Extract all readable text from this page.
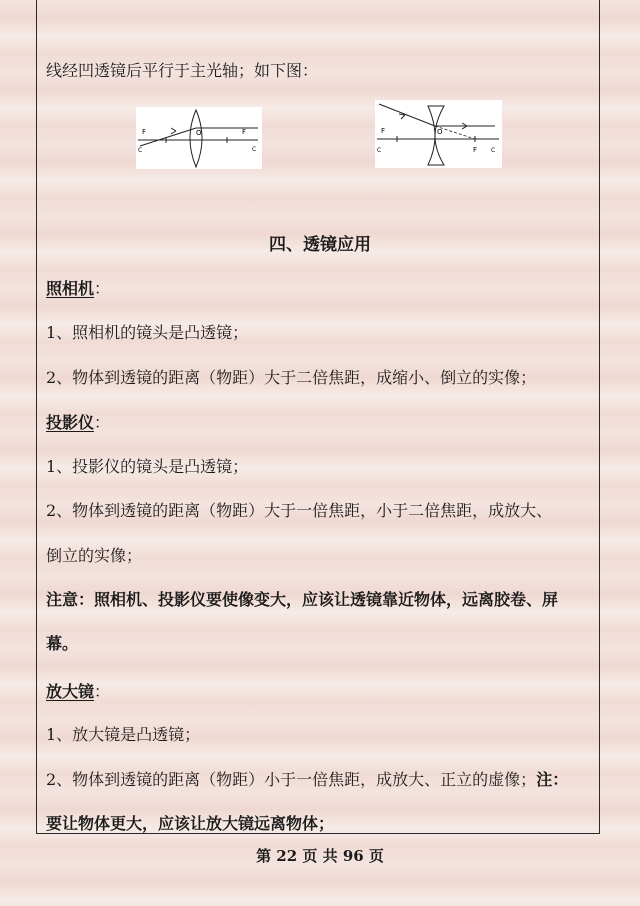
线经凹透镜后平行于主光轴；如下图：
F	O	F
C	C
F	O
F
C	C
四、透镜应用
照相机：
1、照相机的镜头是凸透镜；
2、物体到透镜的距离（物距）大于二倍焦距，成缩小、倒立的实像；
投影仪：
1、投影仪的镜头是凸透镜；
2、物体到透镜的距离（物距）大于一倍焦距，小于二倍焦距，成放大、
倒立的实像；
注意：照相机、投影仪要使像变大，应该让透镜靠近物体，远离胶卷、屏
幕。
放大镜：
1、放大镜是凸透镜；
2、物体到透镜的距离（物距）小于一倍焦距，成放大、正立的虚像；注：
要让物体更大，应该让放大镜远离物体；
第 22 页 共 96 页
